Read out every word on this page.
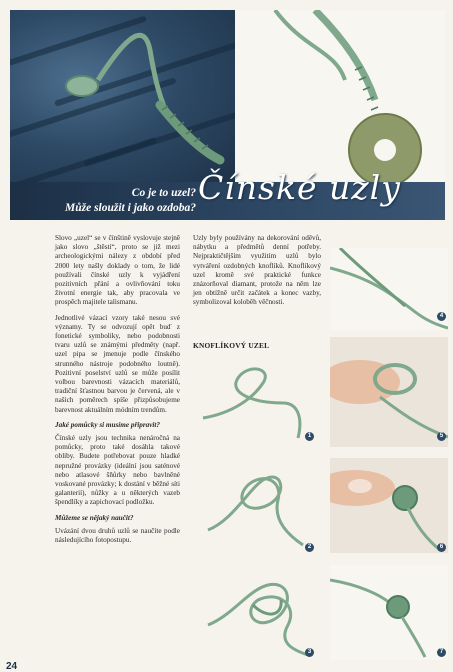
Co je to uzel?
Může sloužit i jako ozdoba?
Čínské uzly

Slovo „uzel“ se v čínštině vyslovuje stejně jako slovo „štěstí“, proto se již mezi archeologickými nálezy z období před 2000 lety našly doklady o tom, že lidé používali čínské uzly k vyjádření pozitivních přání a ovlivňování toku životní energie tak, aby pracovala ve prospěch majitele talismanu.

Jednotlivé vázací vzory také nesou své významy. Ty se odvozují opět buď z fonetické symboliky, nebo podobnosti tvaru uzlů se známými předměty (např. uzel pipa se jmenuje podle čínského strunného nástroje podobného loutně). Pozitivní poselství uzlů se může posílit volbou barevnosti vázacích materiálů, tradiční šťastnou barvou je červená, ale v našich poměrech spíše přizpůsobujeme barevnost aktuálním módním trendům.

Jaké pomůcky si musíme připravit?

Čínské uzly jsou technika nenáročná na pomůcky, proto také dosáhla takové obliby. Budete potřebovat pouze hladké nepružné provázky (ideální jsou saténové nebo atlasové šňůrky nebo bavlněné voskované provázky; k dostání v běžné síti galanterií), nůžky a u některých vazeb špendlíky a zapichovací podložku.

Můžeme se nějaký naučit?

Uvázání dvou druhů uzlů se naučíte podle následujícího fotopostupu.

Uzly byly používány na dekorování oděvů, nábytku a předmětů denní potřeby. Nejpraktičtějším využitím uzlů bylo vytváření ozdobných knoflíků. Knoflíkový uzel kromě své praktické funkce znázorňoval diamant, protože na něm lze jen obtížně určit začátek a konec vazby, symbolizoval koloběh věčnosti.

KNOFLÍKOVÝ UZEL
1
2
3
4
5
6
7
24
